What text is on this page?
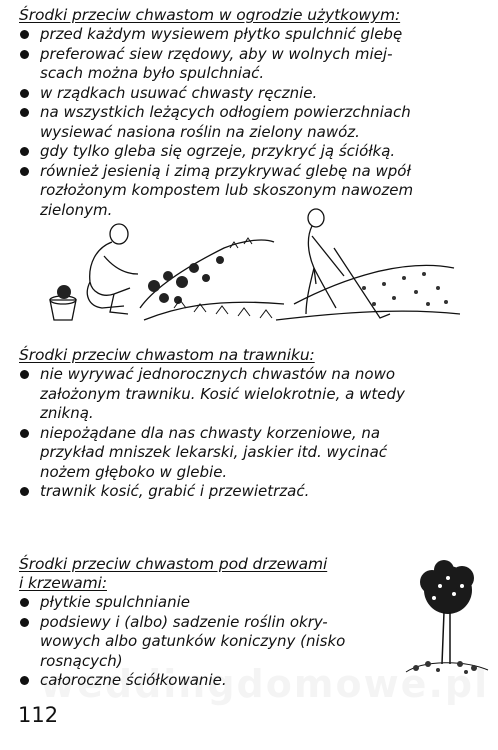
Środki przeciw chwastom w ogrodzie użytkowym:

przed każdym wysiewem płytko spulchnić glebę
preferować siew rzędowy, aby w wolnych miej-
scach można było spulchniać.
w rządkach usuwać chwasty ręcznie.
na wszystkich leżących odłogiem powierzchniach
wysiewać nasiona roślin na zielony nawóz.
gdy tylko gleba się ogrzeje, przykryć ją ściółką.
również jesienią i zimą przykrywać glebę na wpół
rozłożonym kompostem lub skoszonym nawozem
zielonym.

Środki przeciw chwastom na trawniku:

nie wyrywać jednorocznych chwastów na nowo
założonym trawniku. Kosić wielokrotnie, a wtedy
znikną.
niepożądane dla nas chwasty korzeniowe, na
przykład mniszek lekarski, jaskier itd. wycinać
nożem głęboko w glebie.
trawnik kosić, grabić i przewietrzać.

Środki przeciw chwastom pod drzewami
i krzewami:

płytkie spulchnianie
podsiewy i (albo) sadzenie roślin okry-
wowych albo gatunków koniczyny (nisko
rosnących)
całoroczne ściółkowanie.
112
